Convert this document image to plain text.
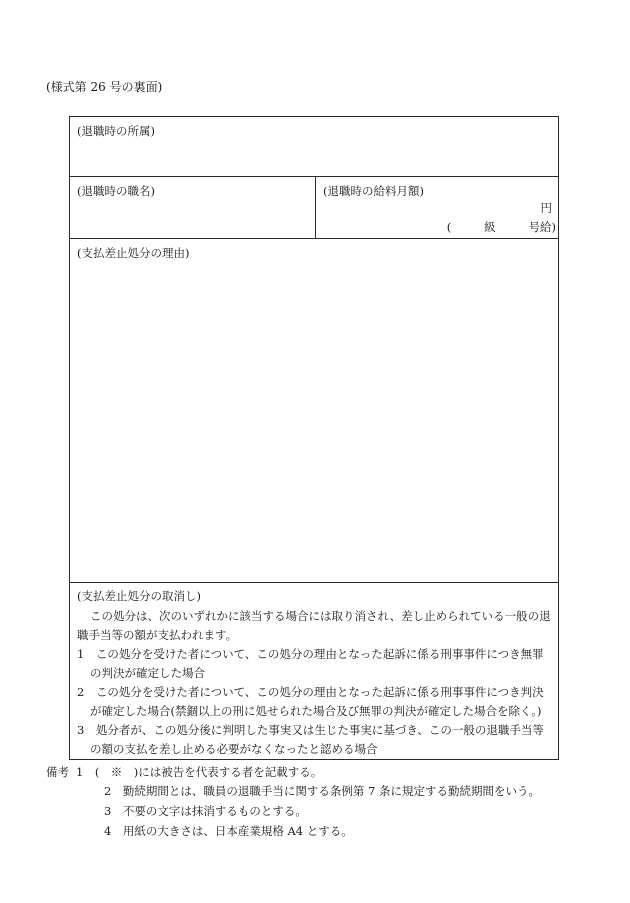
(様式第 26 号の裏面)
(退職時の所属)
(退職時の職名)	(退職時の給料月額)
円
(         級         号給)
(支払差止処分の理由)
(支払差止処分の取消し)
この処分は、次のいずれかに該当する場合には取り消され、差し止められている一般の退
職手当等の額が支払われます。
1　この処分を受けた者について、この処分の理由となった起訴に係る刑事事件につき無罪
の判決が確定した場合
2　この処分を受けた者について、この処分の理由となった起訴に係る刑事事件につき判決
が確定した場合(禁錮以上の刑に処せられた場合及び無罪の判決が確定した場合を除く。)
3　処分者が、この処分後に判明した事実又は生じた事実に基づき、この一般の退職手当等
の額の支払を差し止める必要がなくなったと認める場合
備考 1　(　※　)には被告を代表する者を記載する。
2　勤続期間とは、職員の退職手当に関する条例第 7 条に規定する勤続期間をいう。
3　不要の文字は抹消するものとする。
4　用紙の大きさは、日本産業規格 A4 とする。
